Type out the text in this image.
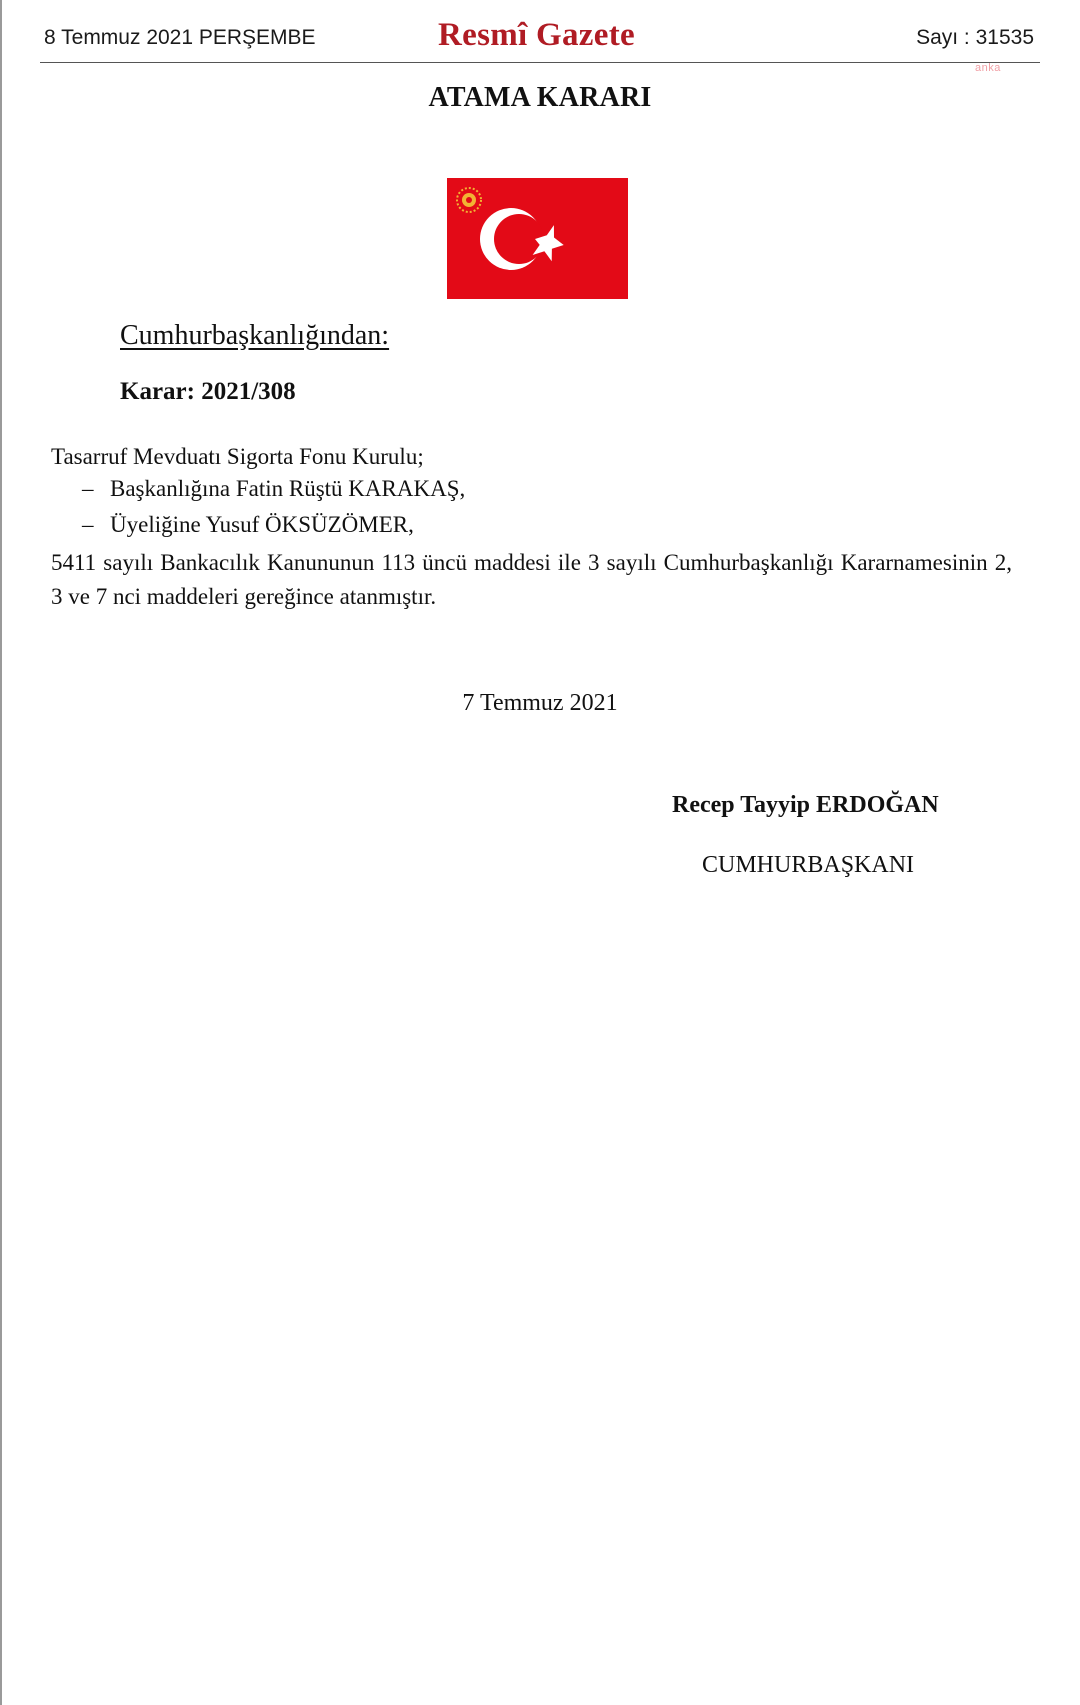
8 Temmuz 2021 PERŞEMBE	Resmî Gazete	Sayı : 31535
anka
ATAMA KARARI
Cumhurbaşkanlığından:
Karar: 2021/308
Tasarruf Mevduatı Sigorta Fonu Kurulu;
– Başkanlığına Fatin Rüştü KARAKAŞ,
– Üyeliğine Yusuf ÖKSÜZÖMER,
5411 sayılı Bankacılık Kanununun 113 üncü maddesi ile 3 sayılı Cumhurbaşkanlığı Kararnamesinin 2, 3 ve 7 nci maddeleri gereğince atanmıştır.
7 Temmuz 2021
Recep Tayyip ERDOĞAN
CUMHURBAŞKANI
